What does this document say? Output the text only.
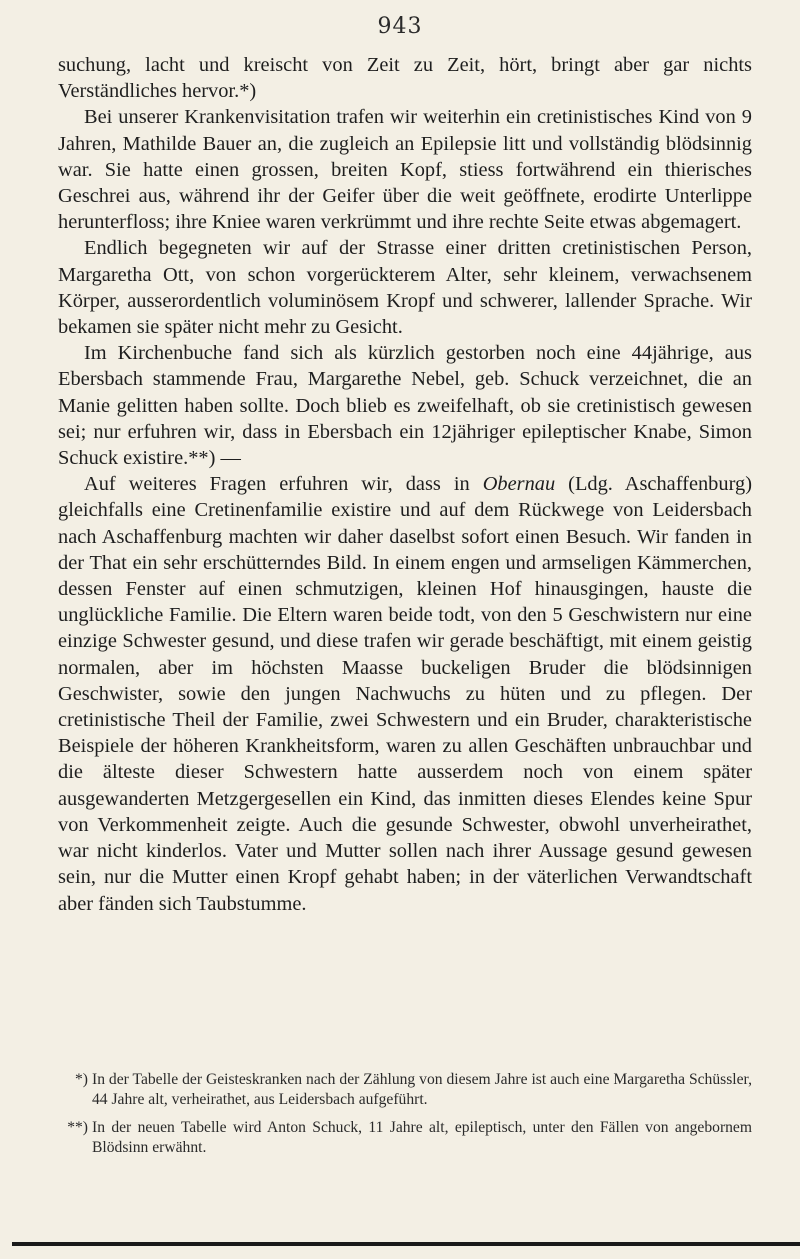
943

suchung, lacht und kreischt von Zeit zu Zeit, hört, bringt aber gar nichts Verständliches hervor.*)

Bei unserer Krankenvisitation trafen wir weiterhin ein cretinistisches Kind von 9 Jahren, Mathilde Bauer an, die zugleich an Epilepsie litt und vollständig blödsinnig war. Sie hatte einen grossen, breiten Kopf, stiess fortwährend ein thierisches Geschrei aus, während ihr der Geifer über die weit geöffnete, erodirte Unterlippe herunterfloss; ihre Kniee waren verkrümmt und ihre rechte Seite etwas abgemagert.

Endlich begegneten wir auf der Strasse einer dritten cretinistischen Person, Margaretha Ott, von schon vorgerückterem Alter, sehr kleinem, verwachsenem Körper, ausserordentlich voluminösem Kropf und schwerer, lallender Sprache. Wir bekamen sie später nicht mehr zu Gesicht.

Im Kirchenbuche fand sich als kürzlich gestorben noch eine 44jährige, aus Ebersbach stammende Frau, Margarethe Nebel, geb. Schuck verzeichnet, die an Manie gelitten haben sollte. Doch blieb es zweifelhaft, ob sie cretinistisch gewesen sei; nur erfuhren wir, dass in Ebersbach ein 12jähriger epileptischer Knabe, Simon Schuck existire.**) —

Auf weiteres Fragen erfuhren wir, dass in Obernau (Ldg. Aschaffenburg) gleichfalls eine Cretinenfamilie existire und auf dem Rückwege von Leidersbach nach Aschaffenburg machten wir daher daselbst sofort einen Besuch. Wir fanden in der That ein sehr erschütterndes Bild. In einem engen und armseligen Kämmerchen, dessen Fenster auf einen schmutzigen, kleinen Hof hinausgingen, hauste die unglückliche Familie. Die Eltern waren beide todt, von den 5 Geschwistern nur eine einzige Schwester gesund, und diese trafen wir gerade beschäftigt, mit einem geistig normalen, aber im höchsten Maasse buckeligen Bruder die blödsinnigen Geschwister, sowie den jungen Nachwuchs zu hüten und zu pflegen. Der cretinistische Theil der Familie, zwei Schwestern und ein Bruder, charakteristische Beispiele der höheren Krankheitsform, waren zu allen Geschäften unbrauchbar und die älteste dieser Schwestern hatte ausserdem noch von einem später ausgewanderten Metzgergesellen ein Kind, das inmitten dieses Elendes keine Spur von Verkommenheit zeigte. Auch die gesunde Schwester, obwohl unverheirathet, war nicht kinderlos. Vater und Mutter sollen nach ihrer Aussage gesund gewesen sein, nur die Mutter einen Kropf gehabt haben; in der väterlichen Verwandtschaft aber fänden sich Taubstumme.

*) In der Tabelle der Geisteskranken nach der Zählung von diesem Jahre ist auch eine Margaretha Schüssler, 44 Jahre alt, verheirathet, aus Leidersbach aufgeführt.
**) In der neuen Tabelle wird Anton Schuck, 11 Jahre alt, epileptisch, unter den Fällen von angebornem Blödsinn erwähnt.
